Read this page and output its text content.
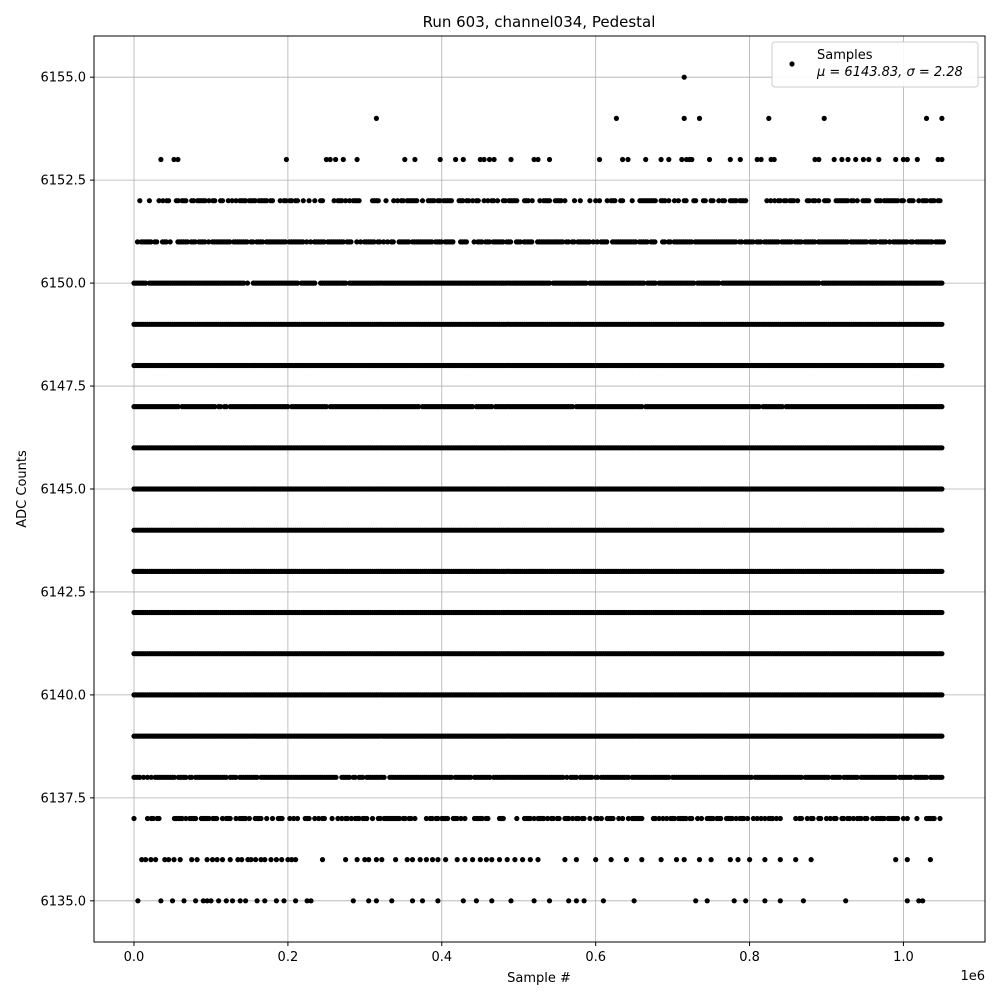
Run 603, channel034, Pedestal
0.0	0.2	0.4	0.6	0.8	1.0
6135.0
6137.5
6140.0
6142.5
6145.0
6147.5
6150.0
6152.5
6155.0
Sample #
ADC Counts
1e6
Samples
μ = 6143.83, σ = 2.28
